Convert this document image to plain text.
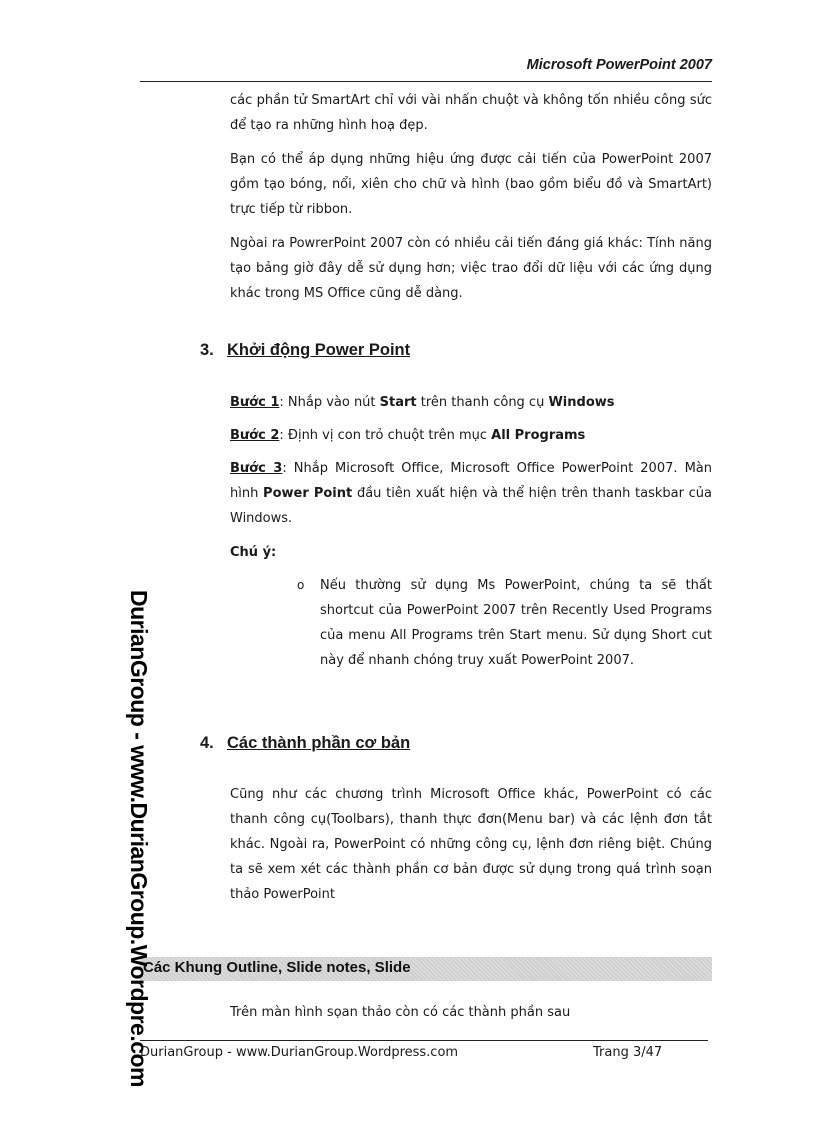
Microsoft PowerPoint 2007

các phần tử SmartArt chỉ với vài nhấn chuột và không tốn nhiều công sức để tạo ra những hình hoạ đẹp.

Bạn có thể áp dụng những hiệu ứng được cải tiến của PowerPoint 2007 gồm tạo bóng, nổi, xiên cho chữ và hình (bao gồm biểu đồ và SmartArt) trực tiếp từ ribbon.

Ngòai ra PowrerPoint 2007 còn có nhiều cải tiến đáng giá khác: Tính năng tạo bảng giờ đây dễ sử dụng hơn; việc trao đổi dữ liệu với các ứng dụng khác trong MS Office cũng dễ dàng.

3. Khởi động Power Point
Bước 1: Nhắp vào nút Start trên thanh công cụ Windows
Bước 2: Định vị con trỏ chuột trên mục All Programs
Bước 3: Nhắp Microsoft Office, Microsoft Office PowerPoint 2007. Màn hình Power Point đầu tiên xuất hiện và thể hiện trên thanh taskbar của Windows.
Chú ý:
o Nếu thường sử dụng Ms PowerPoint, chúng ta sẽ thất shortcut của PowerPoint 2007 trên Recently Used Programs của menu All Programs trên Start menu. Sử dụng Short cut này để nhanh chóng truy xuất PowerPoint 2007.

4. Các thành phần cơ bản

Cũng như các chương trình Microsoft Office khác, PowerPoint có các thanh công cụ(Toolbars), thanh thực đơn(Menu bar) và các lệnh đơn tắt khác. Ngoài ra, PowerPoint có những công cụ, lệnh đơn riêng biệt. Chúng ta sẽ xem xét các thành phần cơ bản được sử dụng trong quá trình soạn thảo PowerPoint

Các Khung Outline, Slide notes, Slide
Trên màn hình sọan thảo còn có các thành phần sau
DurianGroup - www.DurianGroup.Wordpress.com	Trang 3/47
DurianGroup - www.DurianGroup.Wordpre.com
